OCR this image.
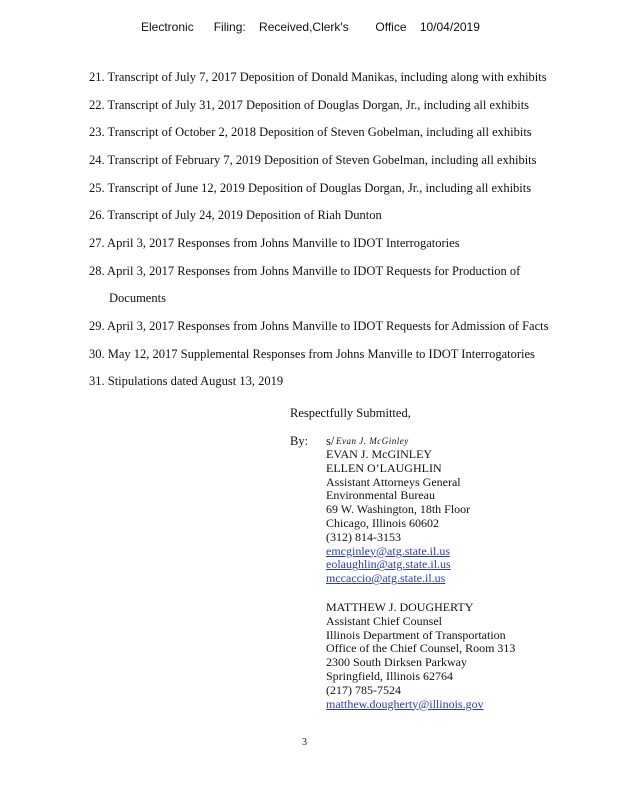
Electronic      Filing:    Received,Clerk's        Office    10/04/2019
21. Transcript of July 7, 2017 Deposition of Donald Manikas, including along with exhibits
22. Transcript of July 31, 2017 Deposition of Douglas Dorgan, Jr., including all exhibits
23. Transcript of October 2, 2018 Deposition of Steven Gobelman, including all exhibits
24. Transcript of February 7, 2019 Deposition of Steven Gobelman, including all exhibits
25. Transcript of June 12, 2019 Deposition of Douglas Dorgan, Jr., including all exhibits
26. Transcript of July 24, 2019 Deposition of Riah Dunton
27. April 3, 2017 Responses from Johns Manville to IDOT Interrogatories
28. April 3, 2017 Responses from Johns Manville to IDOT Requests for Production of
Documents
29. April 3, 2017 Responses from Johns Manville to IDOT Requests for Admission of Facts
30. May 12, 2017 Supplemental Responses from Johns Manville to IDOT Interrogatories
31. Stipulations dated August 13, 2019
Respectfully Submitted,
By: s/ Evan J. McGinley
EVAN J. McGINLEY
ELLEN O’LAUGHLIN
Assistant Attorneys General
Environmental Bureau
69 W. Washington, 18th Floor
Chicago, Illinois 60602
(312) 814-3153
emcginley@atg.state.il.us
eolaughlin@atg.state.il.us
mccaccio@atg.state.il.us
MATTHEW J. DOUGHERTY
Assistant Chief Counsel
Illinois Department of Transportation
Office of the Chief Counsel, Room 313
2300 South Dirksen Parkway
Springfield, Illinois 62764
(217) 785-7524
matthew.dougherty@illinois.gov
3
